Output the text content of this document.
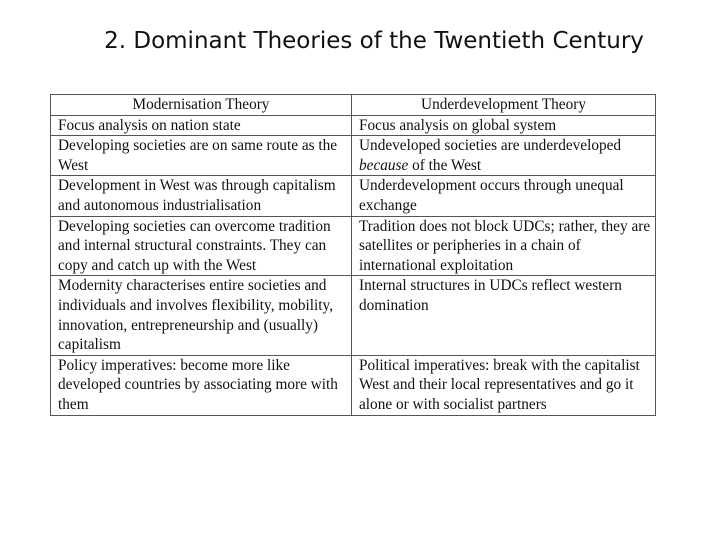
2. Dominant Theories of the Twentieth Century
Modernisation Theory	Underdevelopment Theory
Focus analysis on nation state	Focus analysis on global system
Developing societies are on same route as the West	Undeveloped societies are underdeveloped because of the West
Development in West was through capitalism and autonomous industrialisation	Underdevelopment occurs through unequal exchange
Developing societies can overcome tradition and internal structural constraints. They can copy and catch up with the West	Tradition does not block UDCs; rather, they are satellites or peripheries in a chain of international exploitation
Modernity characterises entire societies and individuals and involves flexibility, mobility, innovation, entrepreneurship and (usually) capitalism	Internal structures in UDCs reflect western domination
Policy imperatives: become more like developed countries by associating more with them	Political imperatives: break with the capitalist West and their local representatives and go it alone or with socialist partners
